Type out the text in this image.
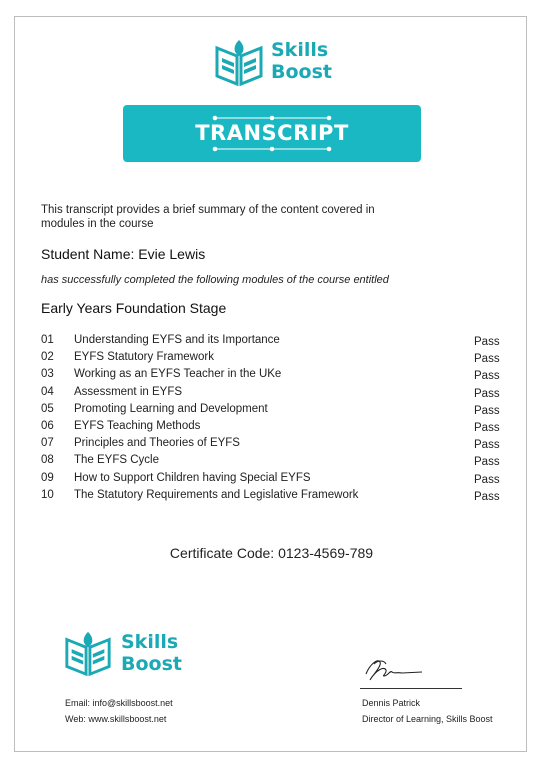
Skills
Boost
TRANSCRIPT
This transcript provides a brief summary of the content covered in modules in the course
Student Name: Evie Lewis
has successfully completed the following modules of the course entitled
Early Years Foundation Stage
01 Understanding EYFS and its Importance	Pass
02 EYFS Statutory Framework	Pass
03 Working as an EYFS Teacher in the UKe	Pass
04 Assessment in EYFS	Pass
05 Promoting Learning and Development	Pass
06 EYFS Teaching Methods	Pass
07 Principles and Theories of EYFS	Pass
08 The EYFS Cycle	Pass
09 How to Support Children having Special EYFS	Pass
10 The Statutory Requirements and Legislative Framework	Pass
Certificate Code: 0123-4569-789
Skills
Boost
Email: info@skillsboost.net
Web: www.skillsboost.net
Dennis Patrick
Director of Learning, Skills Boost
